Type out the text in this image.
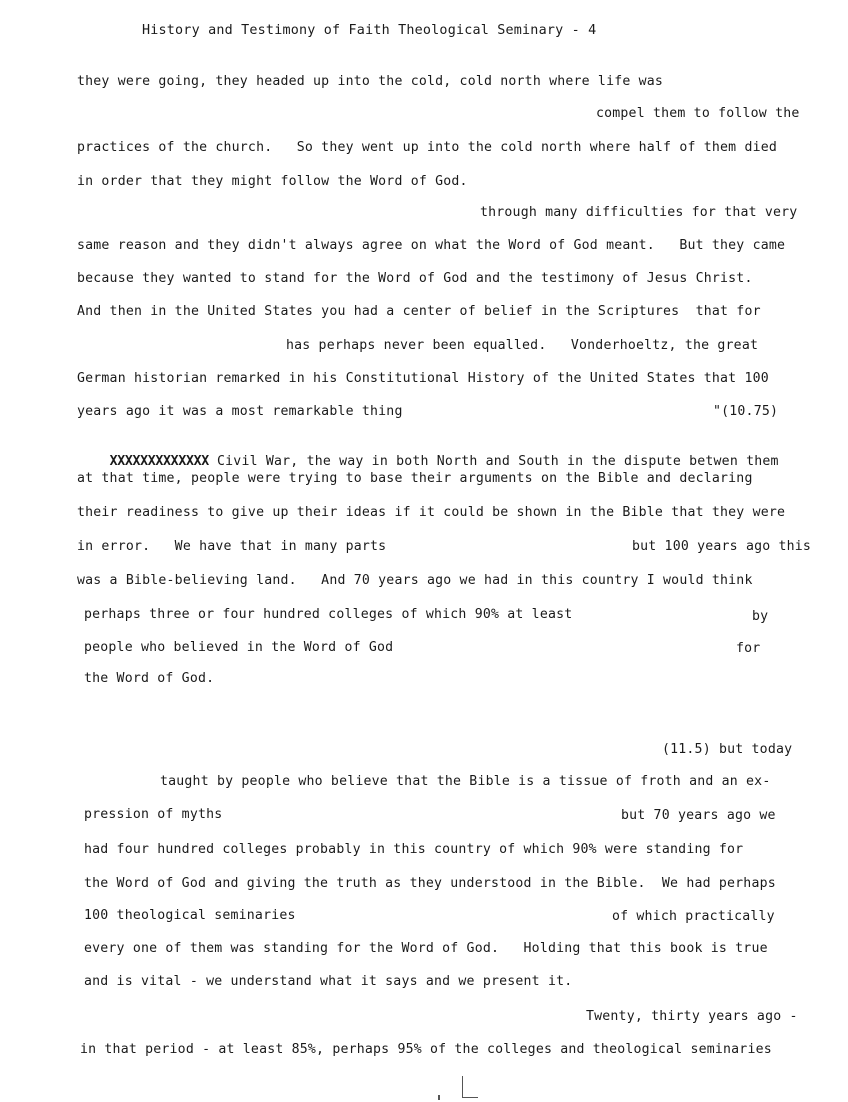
History and Testimony of Faith Theological Seminary - 4
they were going, they headed up into the cold, cold north where life was
compel them to follow the
practices of the church.   So they went up into the cold north where half of them died
in order that they might follow the Word of God.
through many difficulties for that very
same reason and they didn't always agree on what the Word of God meant.   But they came
because they wanted to stand for the Word of God and the testimony of Jesus Christ.
And then in the United States you had a center of belief in the Scriptures  that for
has perhaps never been equalled.   Vonderhoeltz, the great
German historian remarked in his Constitutional History of the United States that 100
years ago it was a most remarkable thing	"(10.75)

XXXXXXXXXXXXX Civil War, the way in both North and South in the dispute betwen them

at that time, people were trying to base their arguments on the Bible and declaring
their readiness to give up their ideas if it could be shown in the Bible that they were
in error.   We have that in many parts	but 100 years ago this
was a Bible-believing land.   And 70 years ago we had in this country I would think
perhaps three or four hundred colleges of which 90% at least	by
people who believed in the Word of God	for
the Word of God.
(11.5) but today
taught by people who believe that the Bible is a tissue of froth and an ex-
pression of myths	but 70 years ago we
had four hundred colleges probably in this country of which 90% were standing for
the Word of God and giving the truth as they understood in the Bible.  We had perhaps
100 theological seminaries	of which practically
every one of them was standing for the Word of God.   Holding that this book is true
and is vital - we understand what it says and we present it.
Twenty, thirty years ago -
in that period - at least 85%, perhaps 95% of the colleges and theological seminaries
